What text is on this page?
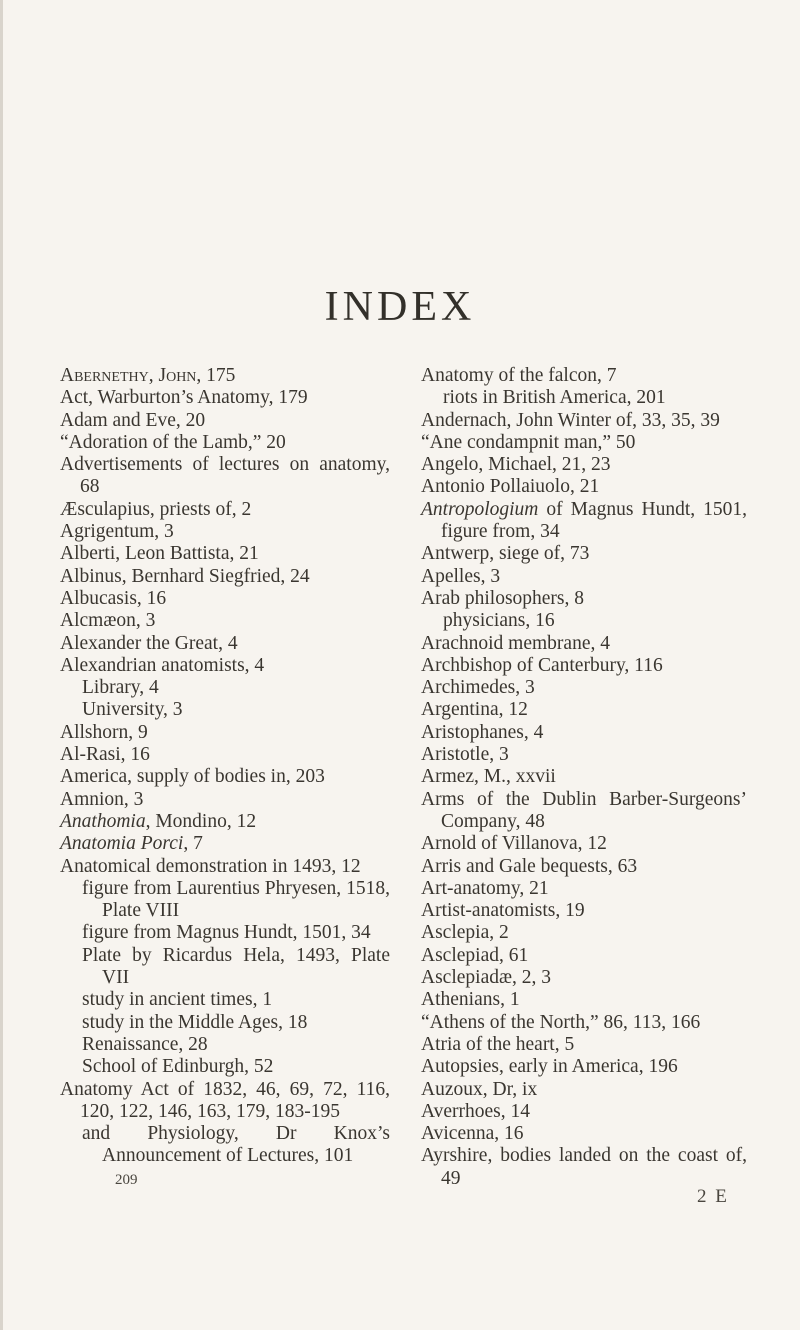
INDEX

Abernethy, John, 175

Act, Warburton’s Anatomy, 179

Adam and Eve, 20

“Adoration of the Lamb,” 20

Advertisements of lectures on anatomy, 68

Æsculapius, priests of, 2

Agrigentum, 3

Alberti, Leon Battista, 21

Albinus, Bernhard Siegfried, 24

Albucasis, 16

Alcmæon, 3

Alexander the Great, 4

Alexandrian anatomists, 4

Library, 4

University, 3

Allshorn, 9

Al-Rasi, 16

America, supply of bodies in, 203

Amnion, 3

Anathomia, Mondino, 12

Anatomia Porci, 7

Anatomical demonstration in 1493, 12

figure from Laurentius Phryesen, 1518, Plate VIII

figure from Magnus Hundt, 1501, 34

Plate by Ricardus Hela, 1493, Plate VII

study in ancient times, 1

study in the Middle Ages, 18

Renaissance, 28

School of Edinburgh, 52

Anatomy Act of 1832, 46, 69, 72, 116, 120, 122, 146, 163, 179, 183-195

and Physiology, Dr Knox’s Announcement of Lectures, 101

Anatomy of the falcon, 7

riots in British America, 201

Andernach, John Winter of, 33, 35, 39

“Ane condampnit man,” 50

Angelo, Michael, 21, 23

Antonio Pollaiuolo, 21

Antropologium of Magnus Hundt, 1501, figure from, 34

Antwerp, siege of, 73

Apelles, 3

Arab philosophers, 8

physicians, 16

Arachnoid membrane, 4

Archbishop of Canterbury, 116

Archimedes, 3

Argentina, 12

Aristophanes, 4

Aristotle, 3

Armez, M., xxvii

Arms of the Dublin Barber-Surgeons’ Company, 48

Arnold of Villanova, 12

Arris and Gale bequests, 63

Art-anatomy, 21

Artist-anatomists, 19

Asclepia, 2

Asclepiad, 61

Asclepiadæ, 2, 3

Athenians, 1

“Athens of the North,” 86, 113, 166

Atria of the heart, 5

Autopsies, early in America, 196

Auzoux, Dr, ix

Averrhoes, 14

Avicenna, 16

Ayrshire, bodies landed on the coast of, 49

209
2 E
